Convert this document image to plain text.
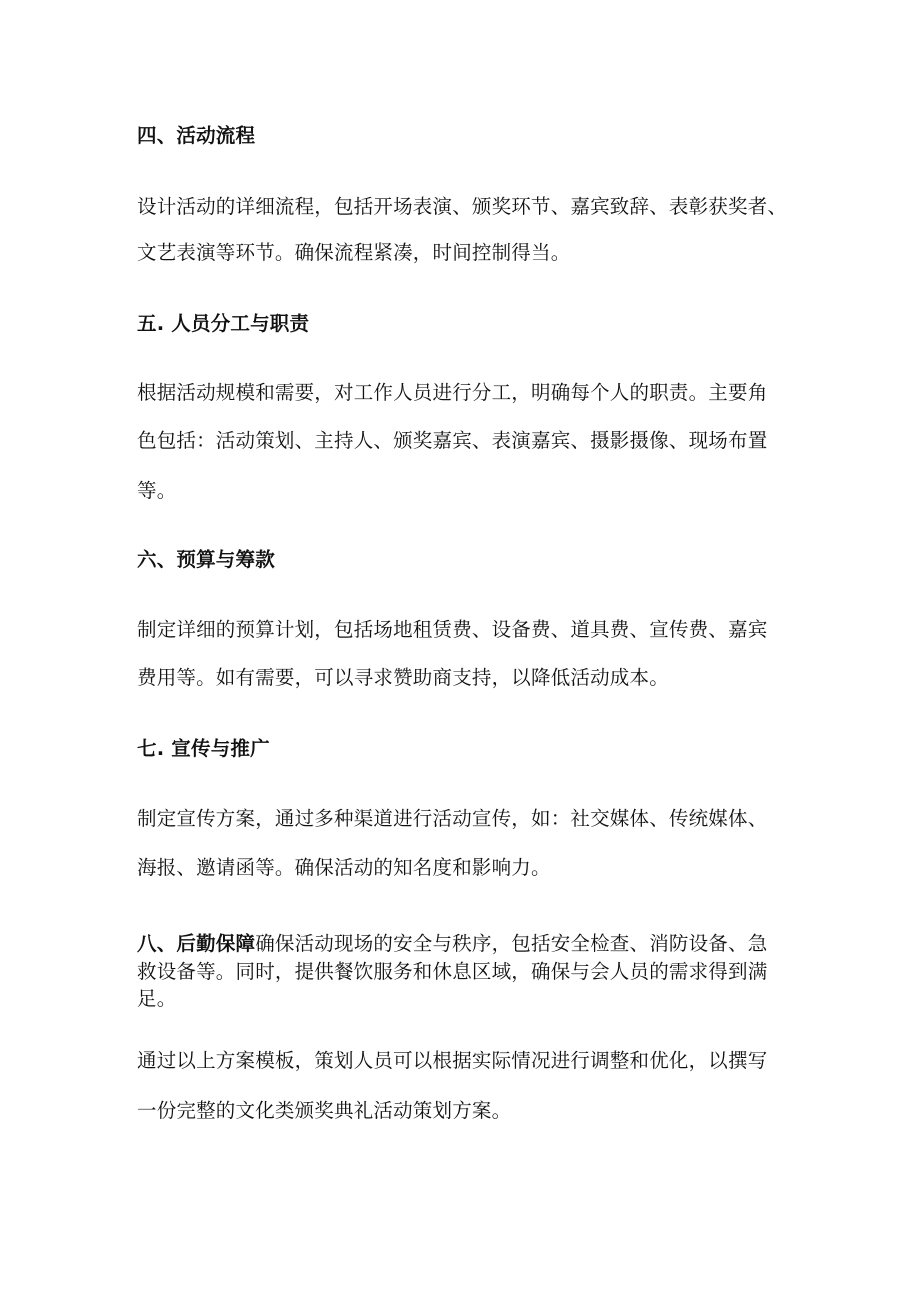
四、活动流程
设计活动的详细流程，包括开场表演、颁奖环节、嘉宾致辞、表彰获奖者、
文艺表演等环节。确保流程紧凑，时间控制得当。
五. 人员分工与职责
根据活动规模和需要，对工作人员进行分工，明确每个人的职责。主要角
色包括：活动策划、主持人、颁奖嘉宾、表演嘉宾、摄影摄像、现场布置
等。
六、预算与筹款
制定详细的预算计划，包括场地租赁费、设备费、道具费、宣传费、嘉宾
费用等。如有需要，可以寻求赞助商支持，以降低活动成本。
七. 宣传与推广
制定宣传方案，通过多种渠道进行活动宣传，如：社交媒体、传统媒体、
海报、邀请函等。确保活动的知名度和影响力。
八、后勤保障确保活动现场的安全与秩序，包括安全检查、消防设备、急
救设备等。同时，提供餐饮服务和休息区域，确保与会人员的需求得到满
足。
通过以上方案模板，策划人员可以根据实际情况进行调整和优化，以撰写
一份完整的文化类颁奖典礼活动策划方案。
